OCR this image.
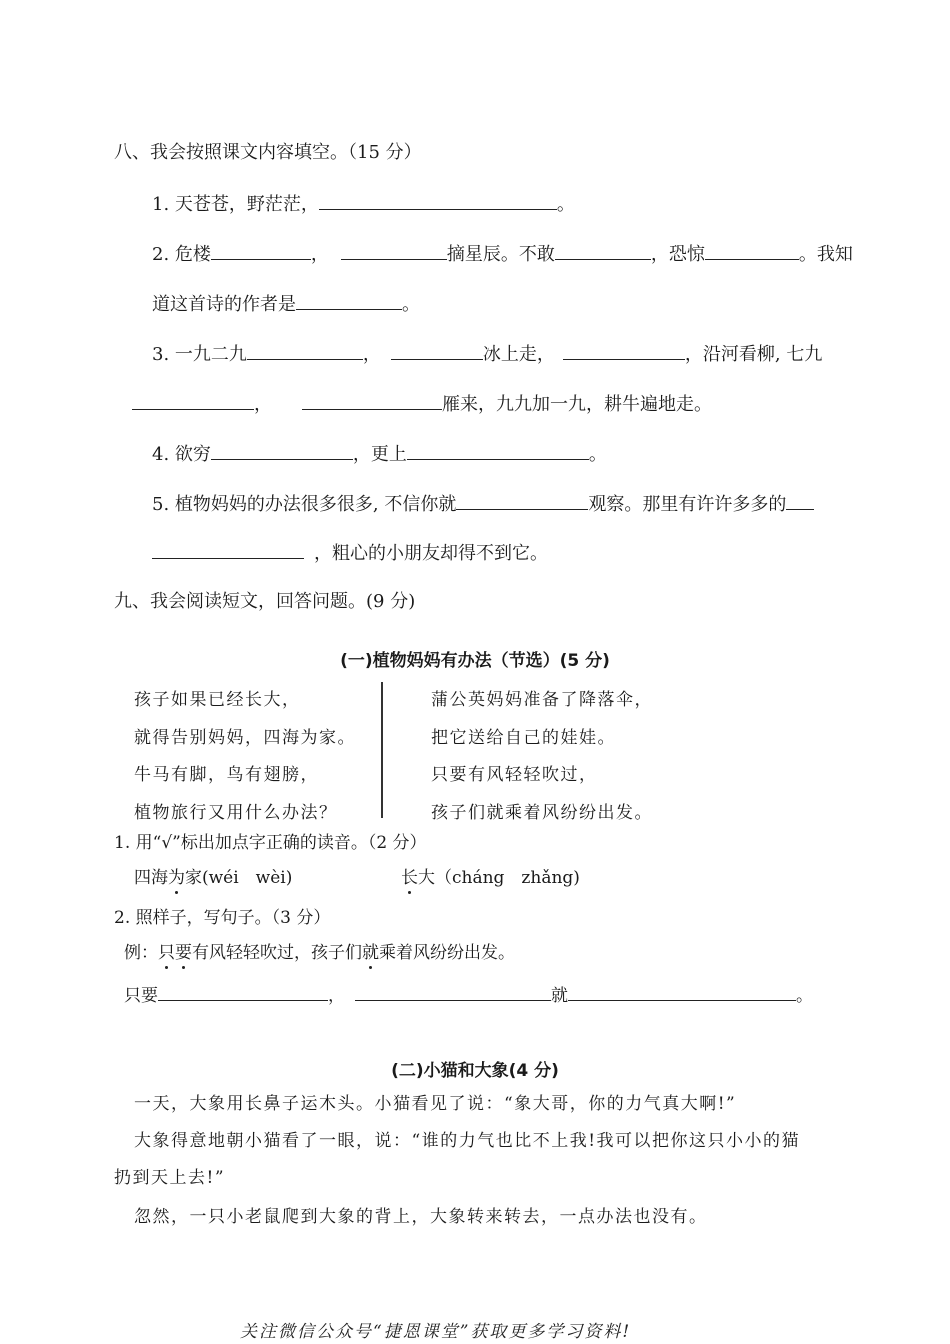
八、我会按照课文内容填空。（15 分）
1. 天苍苍，野茫茫，	。
2. 危楼	，	摘星辰。不敢	，恐惊	。我知
道这首诗的作者是	。
3. 一九二九	，	冰上走，	，沿河看柳, 七九
，	雁来，九九加一九，耕牛遍地走。
4. 欲穷	，更上	。
5. 植物妈妈的办法很多很多, 不信你就	观察。那里有许许多多的
，粗心的小朋友却得不到它。
九、我会阅读短文，回答问题。(9 分)
(一)植物妈妈有办法（节选）(5 分)
孩子如果已经长大，
就得告别妈妈，四海为家。
牛马有脚，鸟有翅膀，
植物旅行又用什么办法？
蒲公英妈妈准备了降落伞，
把它送给自己的娃娃。
只要有风轻轻吹过，
孩子们就乘着风纷纷出发。
1. 用“√”标出加点字正确的读音。（2 分）
四海为家(wéi　wèi)	长大（cháng　zhǎng)
2. 照样子，写句子。（3 分）
例：只要有风轻轻吹过，孩子们就乘着风纷纷出发。
只要	，	就	。
(二)小猫和大象(4 分)
一天，大象用长鼻子运木头。小猫看见了说：“象大哥，你的力气真大啊!”
大象得意地朝小猫看了一眼，说：“谁的力气也比不上我!我可以把你这只小小的猫
扔到天上去!”
忽然，一只小老鼠爬到大象的背上，大象转来转去，一点办法也没有。
关注微信公众号“捷恩课堂”获取更多学习资料!
